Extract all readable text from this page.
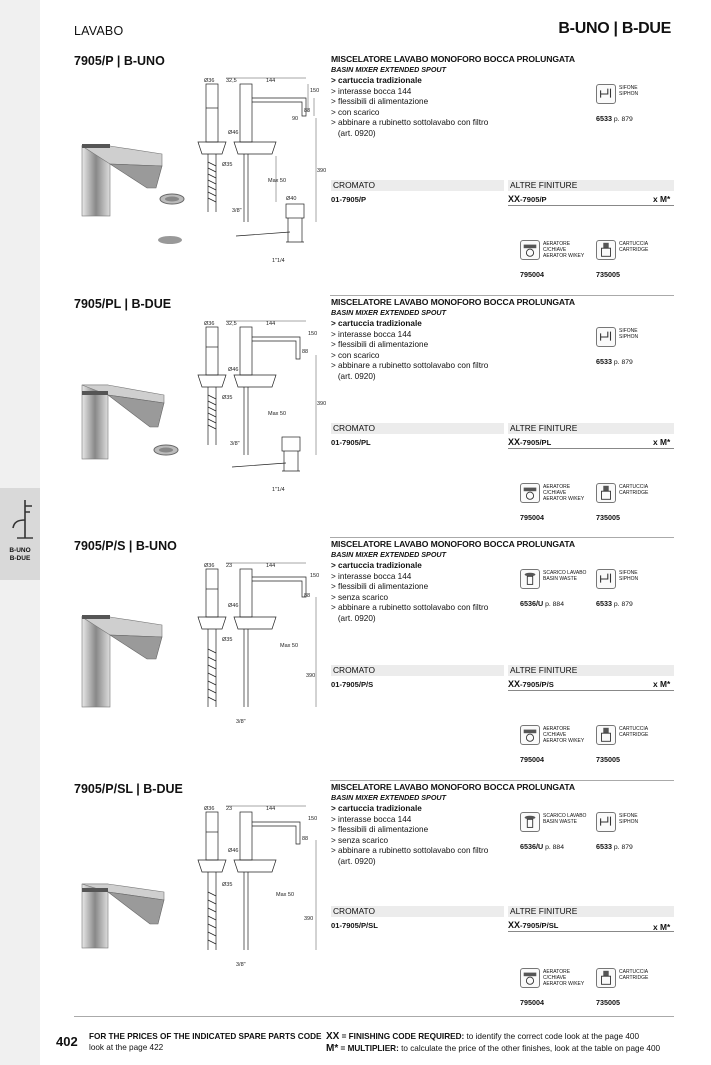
B-UNO
B-DUE
LAVABO	B-UNO | B-DUE
7905/P | B-UNO
Ø36 32,5	144
Ø46
Ø35
88
150
90
390
Max 50
3/8"
Ø40
1"1/4
MISCELATORE LAVABO MONOFORO BOCCA PROLUNGATA
BASIN MIXER EXTENDED SPOUT
> cartuccia tradizionale
> interasse bocca 144
> flessibili di alimentazione
> con scarico
> abbinare a rubinetto sottolavabo con filtro
(art. 0920)
SIFONE
SIPHON
6533 p. 879
CROMATO	ALTRE FINITURE
01-7905/P	XX-7905/P	x M*
AERATORE C/CHIAVE
AERATOR W/KEY
795004
CARTUCCIA
CARTRIDGE
735005
7905/PL | B-DUE
Ø36 32,5	144
Ø46
Ø35
88
150
390
Max 50
3/8"
1"1/4
MISCELATORE LAVABO MONOFORO BOCCA PROLUNGATA
BASIN MIXER EXTENDED SPOUT
> cartuccia tradizionale
> interasse bocca 144
> flessibili di alimentazione
> con scarico
> abbinare a rubinetto sottolavabo con filtro
(art. 0920)
SIFONE
SIPHON
6533 p. 879
CROMATO	ALTRE FINITURE
01-7905/PL	XX-7905/PL	x M*
AERATORE C/CHIAVE
AERATOR W/KEY
795004
CARTUCCIA
CARTRIDGE
735005
7905/P/S | B-UNO
Ø36 23	144
Ø46
Ø35
88
150
390
Max 50
3/8"
MISCELATORE LAVABO MONOFORO BOCCA PROLUNGATA
BASIN MIXER EXTENDED SPOUT
> cartuccia tradizionale
> interasse bocca 144
> flessibili di alimentazione
> senza scarico
> abbinare a rubinetto sottolavabo con filtro
(art. 0920)
SCARICO LAVABO
BASIN WASTE
6536/U p. 884
SIFONE
SIPHON
6533 p. 879
CROMATO	ALTRE FINITURE
01-7905/P/S	XX-7905/P/S	x M*
AERATORE C/CHIAVE
AERATOR W/KEY
795004
CARTUCCIA
CARTRIDGE
735005
7905/P/SL | B-DUE
Ø36 23	144
Ø46
Ø35
88
150
390
Max 50
3/8"
MISCELATORE LAVABO MONOFORO BOCCA PROLUNGATA
BASIN MIXER EXTENDED SPOUT
> cartuccia tradizionale
> interasse bocca 144
> flessibili di alimentazione
> senza scarico
> abbinare a rubinetto sottolavabo con filtro
(art. 0920)
SCARICO LAVABO
BASIN WASTE
6536/U p. 884
SIFONE
SIPHON
6533 p. 879
CROMATO	ALTRE FINITURE
01-7905/P/SL	XX-7905/P/SL	x M*
AERATORE C/CHIAVE
AERATOR W/KEY
795004
CARTUCCIA
CARTRIDGE
735005
402 FOR THE PRICES OF THE INDICATED SPARE PARTS CODE
look at the page 422
XX = FINISHING CODE REQUIRED: to identify the correct code look at the page 400
M* = MULTIPLIER: to calculate the price of the other finishes, look at the table on page 400
